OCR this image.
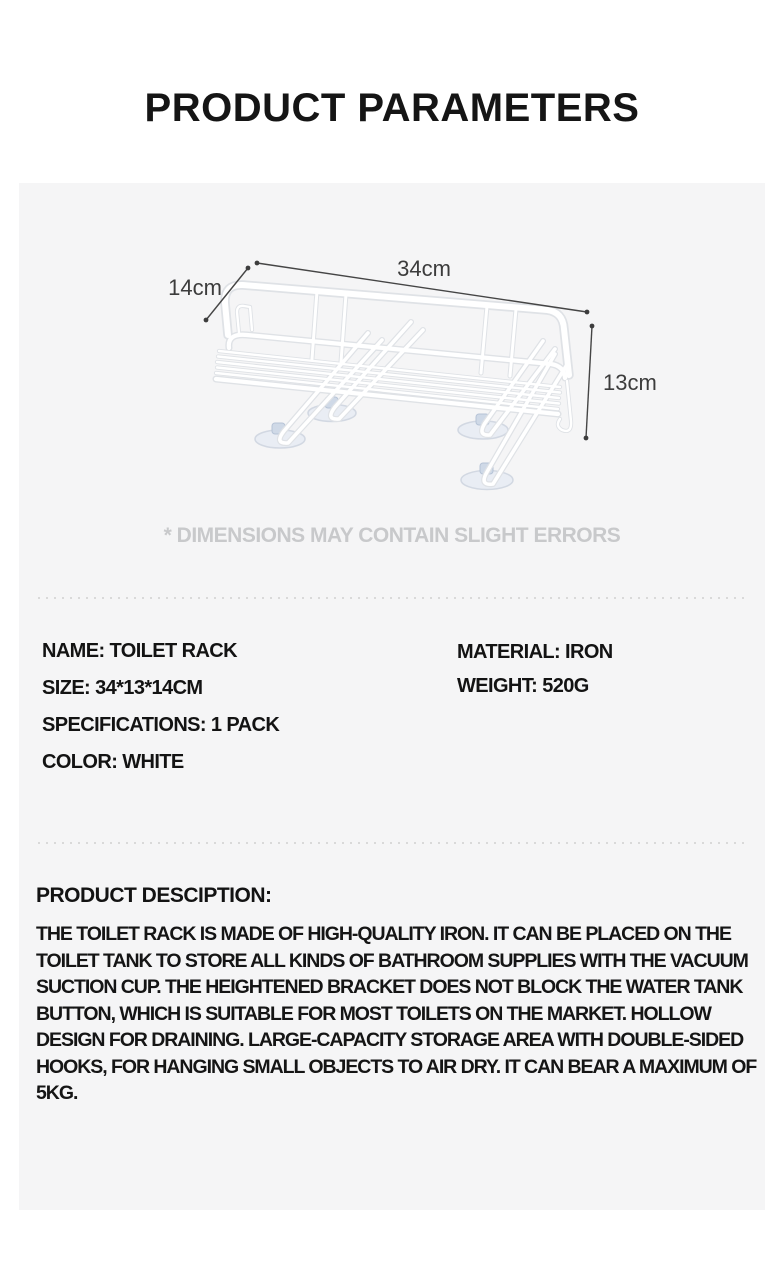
PRODUCT PARAMETERS
34cm
14cm
13cm
* DIMENSIONS MAY CONTAIN SLIGHT ERRORS
NAME: TOILET RACK
SIZE: 34*13*14CM
SPECIFICATIONS: 1 PACK
COLOR: WHITE
MATERIAL: IRON
WEIGHT: 520G
PRODUCT DESCIPTION:
THE TOILET RACK IS MADE OF HIGH-QUALITY IRON. IT CAN BE PLACED ON THE TOILET TANK TO STORE ALL KINDS OF BATHROOM SUPPLIES WITH THE VACUUM SUCTION CUP. THE HEIGHTENED BRACKET DOES NOT BLOCK THE WATER TANK BUTTON, WHICH IS SUITABLE FOR MOST TOILETS ON THE MARKET. HOLLOW DESIGN FOR DRAINING. LARGE-CAPACITY STORAGE AREA WITH DOUBLE-SIDED HOOKS, FOR HANGING SMALL OBJECTS TO AIR DRY. IT CAN BEAR A MAXIMUM OF 5KG.
